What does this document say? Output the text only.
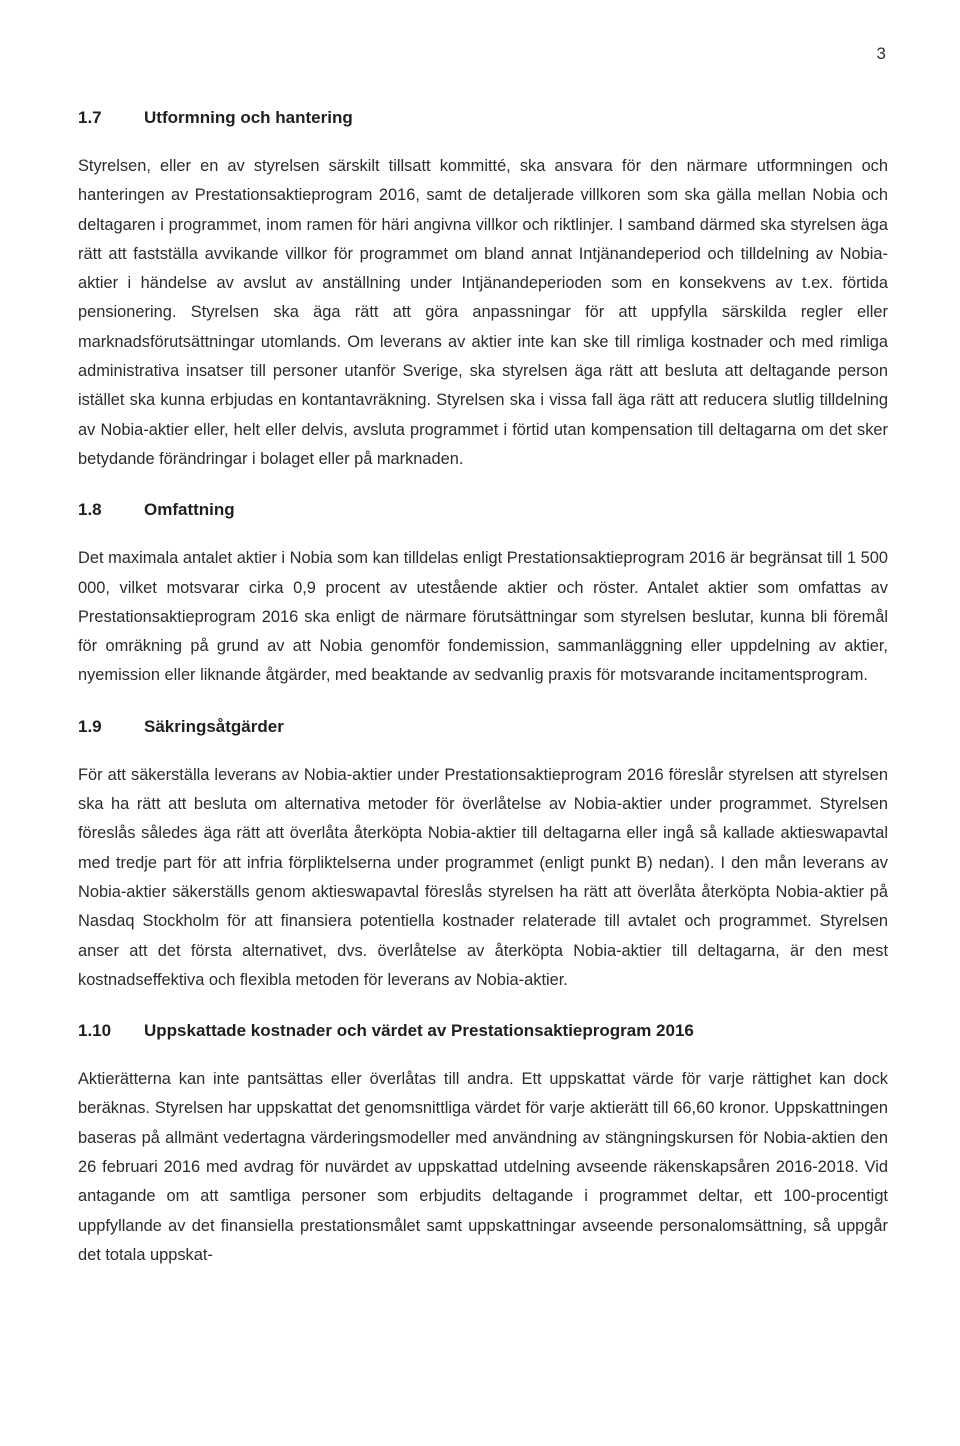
3
1.7	Utformning och hantering

Styrelsen, eller en av styrelsen särskilt tillsatt kommitté, ska ansvara för den närmare utformningen och hanteringen av Prestationsaktieprogram 2016, samt de detaljerade villkoren som ska gälla mellan Nobia och deltagaren i programmet, inom ramen för häri angivna villkor och riktlinjer. I samband därmed ska styrelsen äga rätt att fastställa avvikande villkor för programmet om bland annat Intjänandeperiod och tilldelning av Nobia-aktier i händelse av avslut av anställning under Intjänandeperioden som en konsekvens av t.ex. förtida pensionering. Styrelsen ska äga rätt att göra anpassningar för att uppfylla särskilda regler eller marknadsförutsättningar utomlands. Om leverans av aktier inte kan ske till rimliga kostnader och med rimliga administrativa insatser till personer utanför Sverige, ska styrelsen äga rätt att besluta att deltagande person istället ska kunna erbjudas en kontantavräkning. Styrelsen ska i vissa fall äga rätt att reducera slutlig tilldelning av Nobia-aktier eller, helt eller delvis, avsluta programmet i förtid utan kompensation till deltagarna om det sker betydande förändringar i bolaget eller på marknaden.

1.8	Omfattning

Det maximala antalet aktier i Nobia som kan tilldelas enligt Prestationsaktieprogram 2016 är begränsat till 1 500 000, vilket motsvarar cirka 0,9 procent av utestående aktier och röster. Antalet aktier som omfattas av Prestationsaktieprogram 2016 ska enligt de närmare förutsättningar som styrelsen beslutar, kunna bli föremål för omräkning på grund av att Nobia genomför fondemission, sammanläggning eller uppdelning av aktier, nyemission eller liknande åtgärder, med beaktande av sedvanlig praxis för motsvarande incitamentsprogram.

1.9	Säkringsåtgärder

För att säkerställa leverans av Nobia-aktier under Prestationsaktieprogram 2016 föreslår styrelsen att styrelsen ska ha rätt att besluta om alternativa metoder för överlåtelse av Nobia-aktier under programmet. Styrelsen föreslås således äga rätt att överlåta återköpta Nobia-aktier till deltagarna eller ingå så kallade aktieswapavtal med tredje part för att infria förpliktelserna under programmet (enligt punkt B) nedan). I den mån leverans av Nobia-aktier säkerställs genom aktieswapavtal föreslås styrelsen ha rätt att överlåta återköpta Nobia-aktier på Nasdaq Stockholm för att finansiera potentiella kostnader relaterade till avtalet och programmet. Styrelsen anser att det första alternativet, dvs. överlåtelse av återköpta Nobia-aktier till deltagarna, är den mest kostnadseffektiva och flexibla metoden för leverans av Nobia-aktier.

1.10	Uppskattade kostnader och värdet av Prestationsaktieprogram 2016

Aktierätterna kan inte pantsättas eller överlåtas till andra. Ett uppskattat värde för varje rättighet kan dock beräknas. Styrelsen har uppskattat det genomsnittliga värdet för varje aktierätt till 66,60 kronor. Uppskattningen baseras på allmänt vedertagna värderingsmodeller med användning av stängningskursen för Nobia-aktien den 26 februari 2016 med avdrag för nuvärdet av uppskattad utdelning avseende räkenskapsåren 2016-2018. Vid antagande om att samtliga personer som erbjudits deltagande i programmet deltar, ett 100-procentigt uppfyllande av det finansiella prestationsmålet samt uppskattningar avseende personalomsättning, så uppgår det totala uppskat-
